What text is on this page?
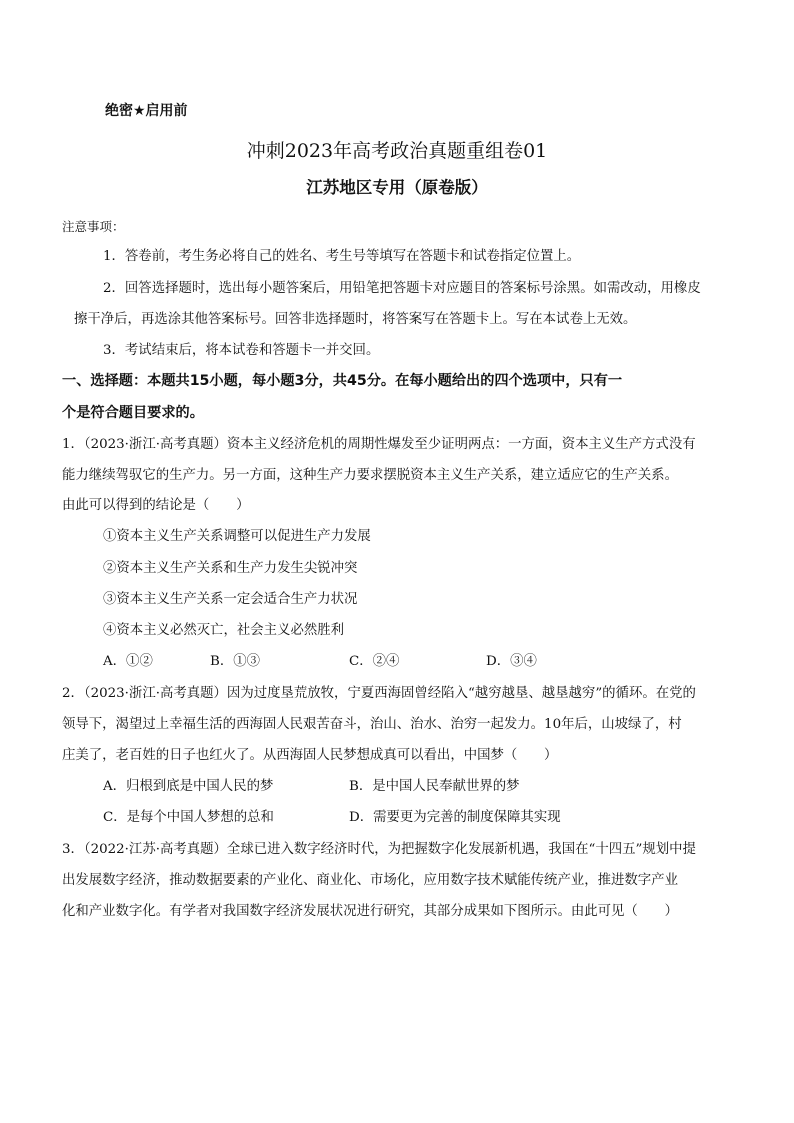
绝密★启用前
冲刺2023年高考政治真题重组卷01
江苏地区专用（原卷版）
注意事项：
1．答卷前，考生务必将自己的姓名、考生号等填写在答题卡和试卷指定位置上。
2．回答选择题时，选出每小题答案后，用铅笔把答题卡对应题目的答案标号涂黑。如需改动，用橡皮
擦干净后，再选涂其他答案标号。回答非选择题时，将答案写在答题卡上。写在本试卷上无效。
3．考试结束后，将本试卷和答题卡一并交回。
一、选择题：本题共15小题，每小题3分，共45分。在每小题给出的四个选项中，只有一
个是符合题目要求的。
1．（2023·浙江·高考真题）资本主义经济危机的周期性爆发至少证明两点：一方面，资本主义生产方式没有
能力继续驾驭它的生产力。另一方面，这种生产力要求摆脱资本主义生产关系，建立适应它的生产关系。
由此可以得到的结论是（　　）
①资本主义生产关系调整可以促进生产力发展
②资本主义生产关系和生产力发生尖锐冲突
③资本主义生产关系一定会适合生产力状况
④资本主义必然灭亡，社会主义必然胜利
A．①②	B．①③	C．②④	D．③④
2．（2023·浙江·高考真题）因为过度垦荒放牧，宁夏西海固曾经陷入“越穷越垦、越垦越穷”的循环。在党的
领导下，渴望过上幸福生活的西海固人民艰苦奋斗，治山、治水、治穷一起发力。10年后，山坡绿了，村
庄美了，老百姓的日子也红火了。从西海固人民梦想成真可以看出，中国梦（　　）
A．归根到底是中国人民的梦	B．是中国人民奉献世界的梦
C．是每个中国人梦想的总和	D．需要更为完善的制度保障其实现
3．（2022·江苏·高考真题）全球已进入数字经济时代，为把握数字化发展新机遇，我国在“十四五”规划中提
出发展数字经济，推动数据要素的产业化、商业化、市场化，应用数字技术赋能传统产业，推进数字产业
化和产业数字化。有学者对我国数字经济发展状况进行研究，其部分成果如下图所示。由此可见（　　）
